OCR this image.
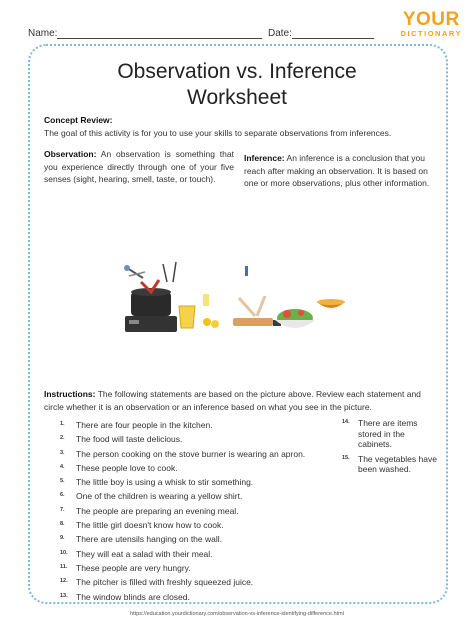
Name:	Date:
YOUR
DICTIONARY
Observation vs. Inference
Worksheet
Concept Review:
The goal of this activity is for you to use your skills to separate observations from inferences.
Observation: An observation is something that you experience directly through one of your five senses (sight, hearing, smell, taste, or touch).
Inference: An inference is a conclusion that you reach after making an observation. It is based on one or more observations, plus other information.
Instructions: The following statements are based on the picture above. Review each statement and circle whether it is an observation or an inference based on what you see in the picture.
1. There are four people in the kitchen.
2. The food will taste delicious.
3. The person cooking on the stove burner is wearing an apron.
4. These people love to cook.
5. The little boy is using a whisk to stir something.
6. One of the children is wearing a yellow shirt.
7. The people are preparing an evening meal.
8. The little girl doesn't know how to cook.
9. There are utensils hanging on the wall.
10. They will eat a salad with their meal.
11. These people are very hungry.
12. The pitcher is filled with freshly squeezed juice.
13. The window blinds are closed.
14. There are items stored in the cabinets.
15. The vegetables have been washed.
https://education.yourdictionary.com/observation-vs-inference-identifying-difference.html
